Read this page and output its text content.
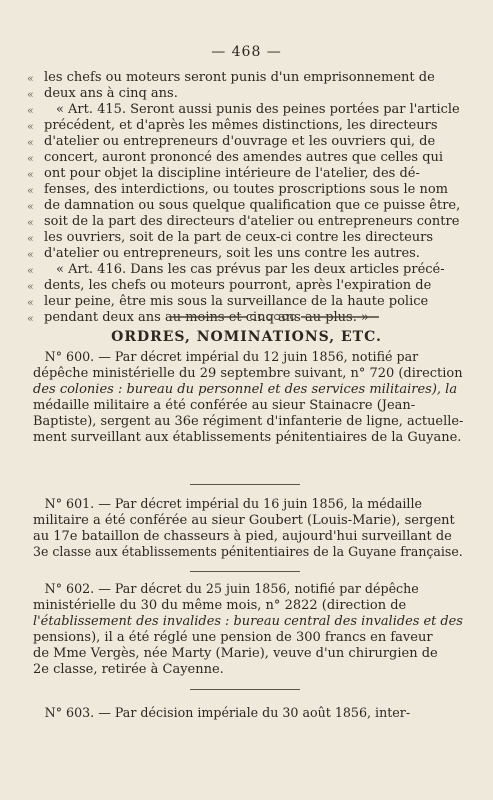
— 468 —
« les chefs ou moteurs seront punis d'un emprisonnement de
« deux ans à cinq ans.
« « Art. 415. Seront aussi punis des peines portées par l'article
« précédent, et d'après les mêmes distinctions, les directeurs
« d'atelier ou entrepreneurs d'ouvrage et les ouvriers qui, de
« concert, auront prononcé des amendes autres que celles qui
« ont pour objet la discipline intérieure de l'atelier, des dé-
« fenses, des interdictions, ou toutes proscriptions sous le nom
« de damnation ou sous quelque qualification que ce puisse être,
« soit de la part des directeurs d'atelier ou entrepreneurs contre
« les ouvriers, soit de la part de ceux-ci contre les directeurs
« d'atelier ou entrepreneurs, soit les uns contre les autres.
« « Art. 416. Dans les cas prévus par les deux articles précé-
« dents, les chefs ou moteurs pourront, après l'expiration de
« leur peine, être mis sous la surveillance de la haute police
« pendant deux ans au moins et cinq ans au plus. »
ORDRES, NOMINATIONS, ETC.
N° 600. — Par décret impérial du 12 juin 1856, notifié par dépêche ministérielle du 29 septembre suivant, n° 720 (direction
des colonies : bureau du personnel et des services militaires), la
médaille militaire a été conférée au sieur Stainacre (Jean-
Baptiste), sergent au 36e régiment d'infanterie de ligne, actuelle-
ment surveillant aux établissements pénitentiaires de la Guyane.
N° 601. — Par décret impérial du 16 juin 1856, la médaille
militaire a été conférée au sieur Goubert (Louis-Marie), sergent
au 17e bataillon de chasseurs à pied, aujourd'hui surveillant de
3e classe aux établissements pénitentiaires de la Guyane française.
N° 602. — Par décret du 25 juin 1856, notifié par dépêche
ministérielle du 30 du même mois, n° 2822 (direction de
l'établissement des invalides : bureau central des invalides et des
pensions), il a été réglé une pension de 300 francs en faveur
de Mme Vergès, née Marty (Marie), veuve d'un chirurgien de
2e classe, retirée à Cayenne.
N° 603. — Par décision impériale du 30 août 1856, inter-
